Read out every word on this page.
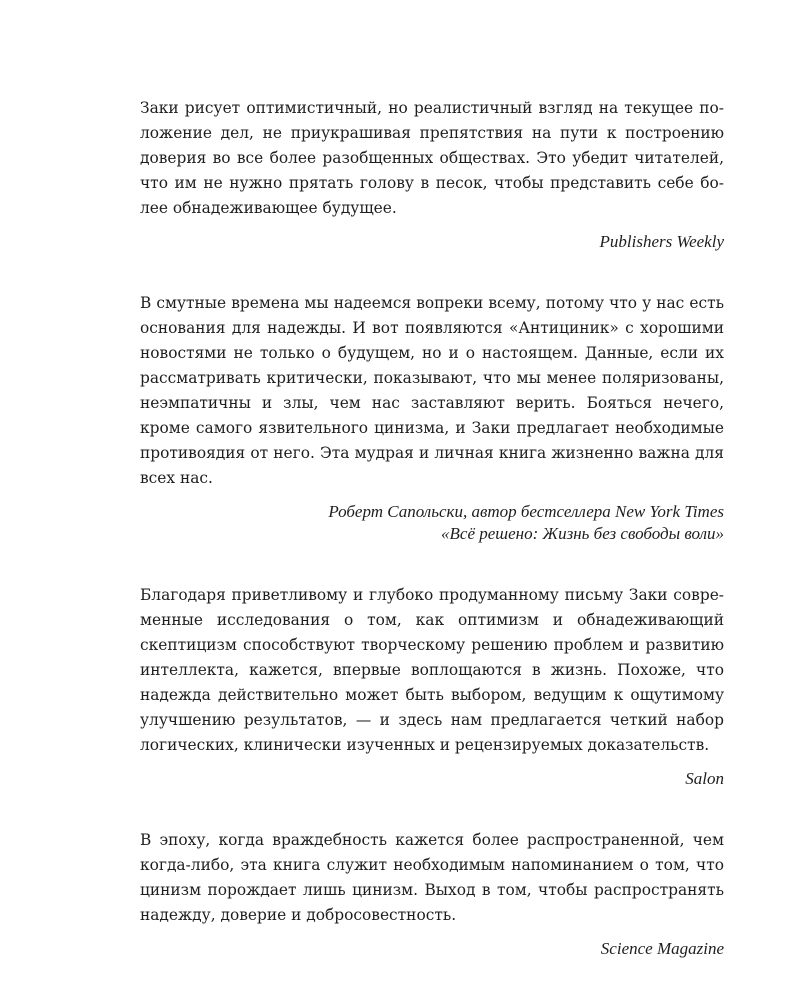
Заки рисует оптимистичный, но реалистичный взгляд на текущее положение дел, не приукрашивая препятствия на пути к построению доверия во все более разобщенных обществах. Это убедит читателей, что им не нужно прятать голову в песок, чтобы представить себе более обнадеживающее будущее.

Publishers Weekly

В смутные времена мы надеемся вопреки всему, потому что у нас есть основания для надежды. И вот появляются «Антициник» с хорошими новостями не только о будущем, но и о настоящем. Данные, если их рассматривать критически, показывают, что мы менее поляризованы, неэмпатичны и злы, чем нас заставляют верить. Бояться нечего, кроме самого язвительного цинизма, и Заки предлагает необходимые противоядия от него. Эта мудрая и личная книга жизненно важна для всех нас.

Роберт Сапольски, автор бестселлера New York Times
«Всё решено: Жизнь без свободы воли»

Благодаря приветливому и глубоко продуманному письму Заки современные исследования о том, как оптимизм и обнадеживающий скептицизм способствуют творческому решению проблем и развитию интеллекта, кажется, впервые воплощаются в жизнь. Похоже, что надежда действительно может быть выбором, ведущим к ощутимому улучшению результатов, — и здесь нам предлагается четкий набор логических, клинически изученных и рецензируемых доказательств.

Salon

В эпоху, когда враждебность кажется более распространенной, чем когда-либо, эта книга служит необходимым напоминанием о том, что цинизм порождает лишь цинизм. Выход в том, чтобы распространять надежду, доверие и добросовестность.

Science Magazine
